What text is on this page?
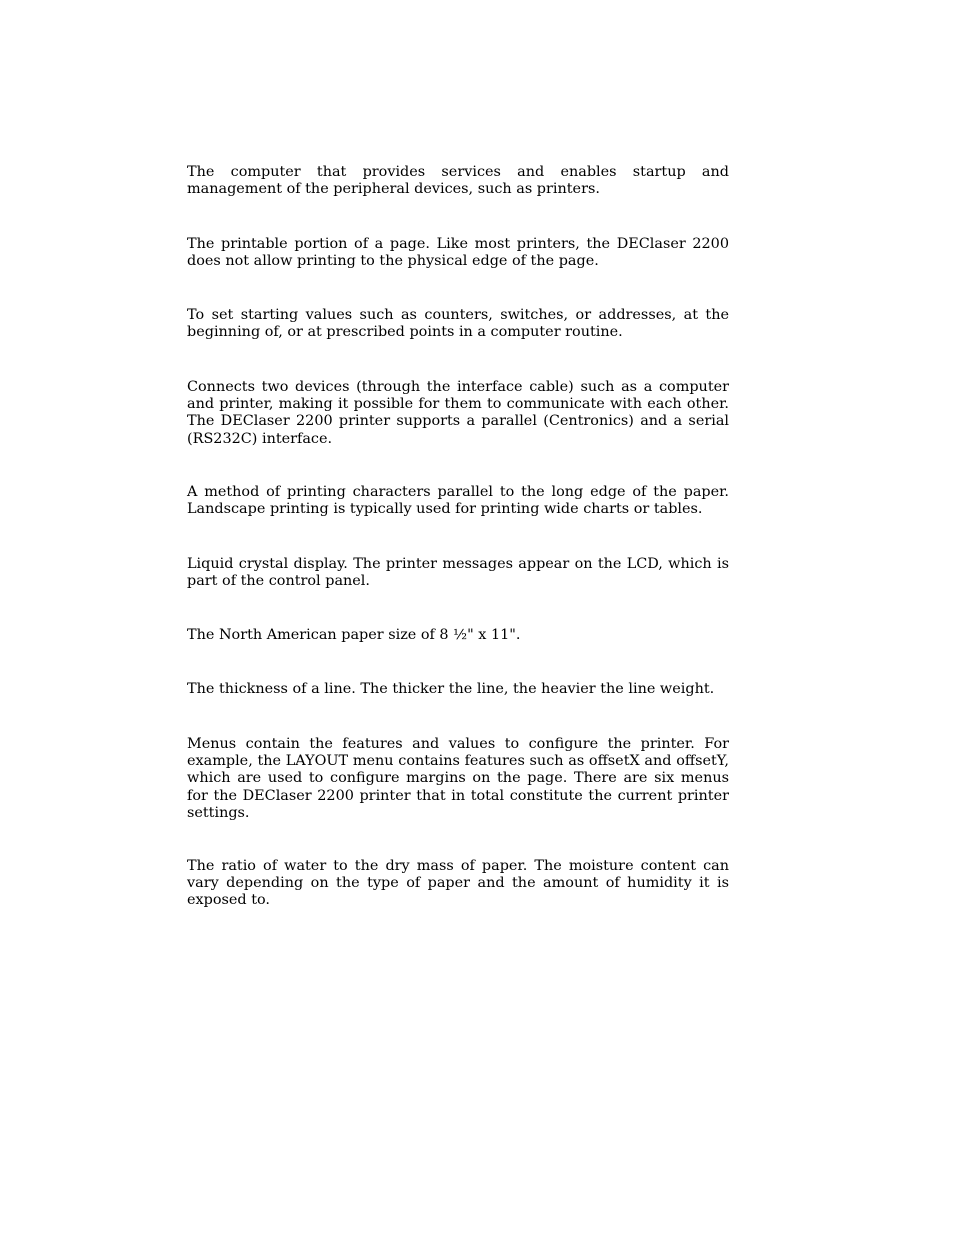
The computer that provides services and enables startup and management of the peripheral devices, such as printers.

The printable portion of a page. Like most printers, the DEClaser 2200 does not allow printing to the physical edge of the page.

To set starting values such as counters, switches, or addresses, at the beginning of, or at prescribed points in a computer routine.

Connects two devices (through the interface cable) such as a computer and printer, making it possible for them to communicate with each other. The DEClaser 2200 printer supports a parallel (Centronics) and a serial (RS232C) interface.

A method of printing characters parallel to the long edge of the paper. Landscape printing is typically used for printing wide charts or tables.

Liquid crystal display. The printer messages appear on the LCD, which is part of the control panel.

The North American paper size of 8 ½" x 11".

The thickness of a line. The thicker the line, the heavier the line weight.

Menus contain the features and values to configure the printer. For example, the LAYOUT menu contains features such as offsetX and offsetY, which are used to configure margins on the page. There are six menus for the DEClaser 2200 printer that in total constitute the current printer settings.

The ratio of water to the dry mass of paper. The moisture content can vary depending on the type of paper and the amount of humidity it is exposed to.
